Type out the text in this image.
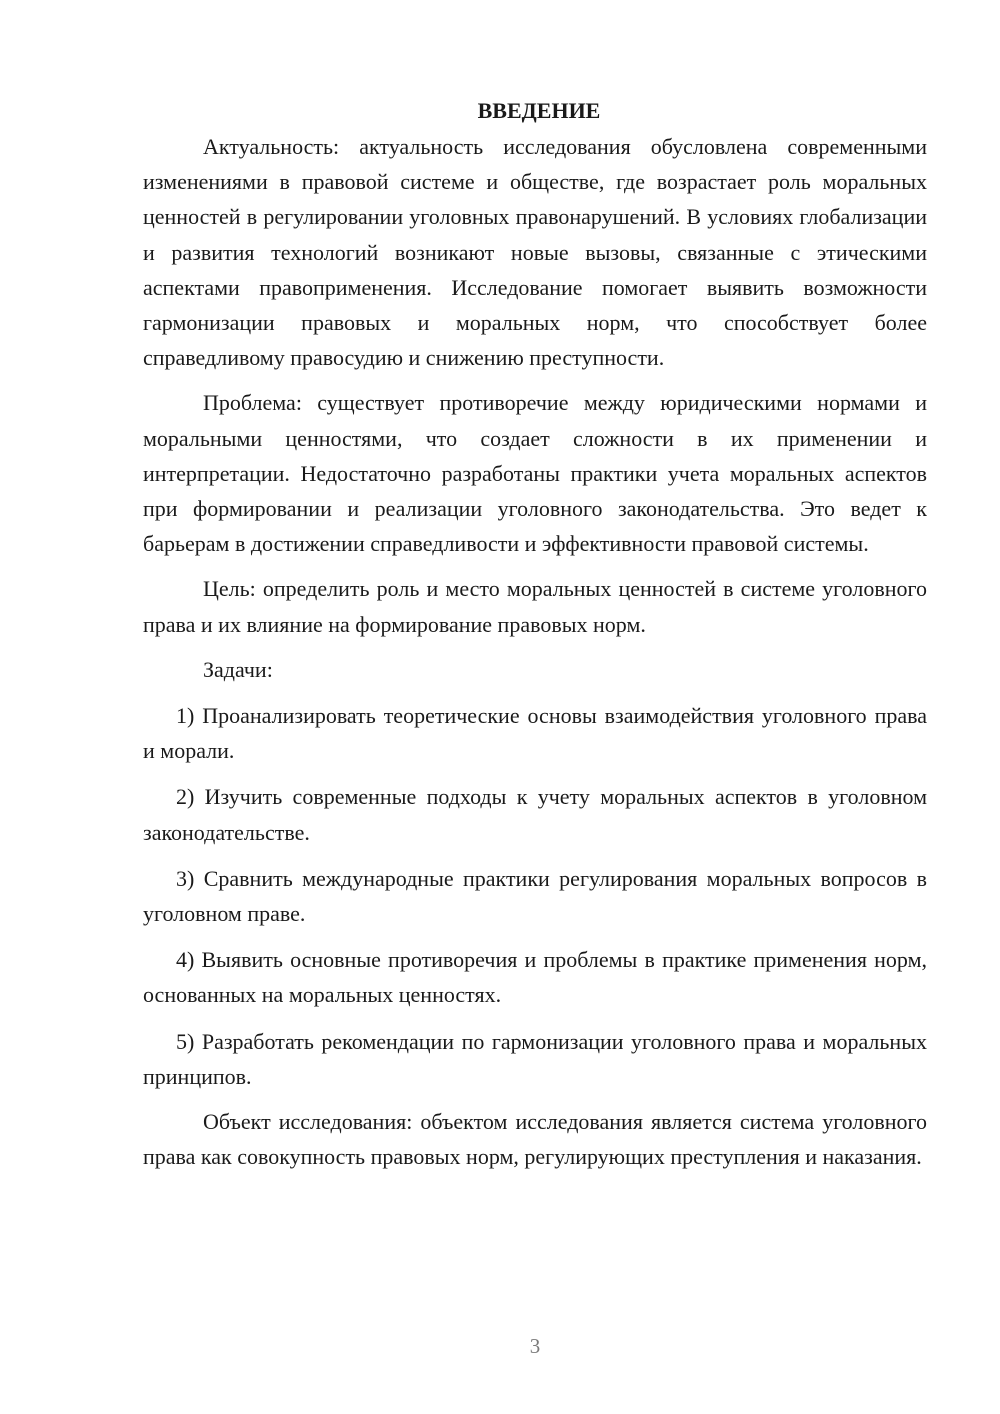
ВВЕДЕНИЕ

Актуальность: актуальность исследования обусловлена современными изменениями в правовой системе и обществе, где возрастает роль моральных ценностей в регулировании уголовных правонарушений. В условиях глобализации и развития технологий возникают новые вызовы, связанные с этическими аспектами правоприменения. Исследование помогает выявить возможности гармонизации правовых и моральных норм, что способствует более справедливому правосудию и снижению преступности.

Проблема: существует противоречие между юридическими нормами и моральными ценностями, что создает сложности в их применении и интерпретации. Недостаточно разработаны практики учета моральных аспектов при формировании и реализации уголовного законодательства. Это ведет к барьерам в достижении справедливости и эффективности правовой системы.

Цель: определить роль и место моральных ценностей в системе уголовного права и их влияние на формирование правовых норм.

Задачи:

1) Проанализировать теоретические основы взаимодействия уголовного права и морали.

2) Изучить современные подходы к учету моральных аспектов в уголовном законодательстве.

3) Сравнить международные практики регулирования моральных вопросов в уголовном праве.

4) Выявить основные противоречия и проблемы в практике применения норм, основанных на моральных ценностях.

5) Разработать рекомендации по гармонизации уголовного права и моральных принципов.

Объект исследования: объектом исследования является система уголовного права как совокупность правовых норм, регулирующих преступления и наказания.

3
